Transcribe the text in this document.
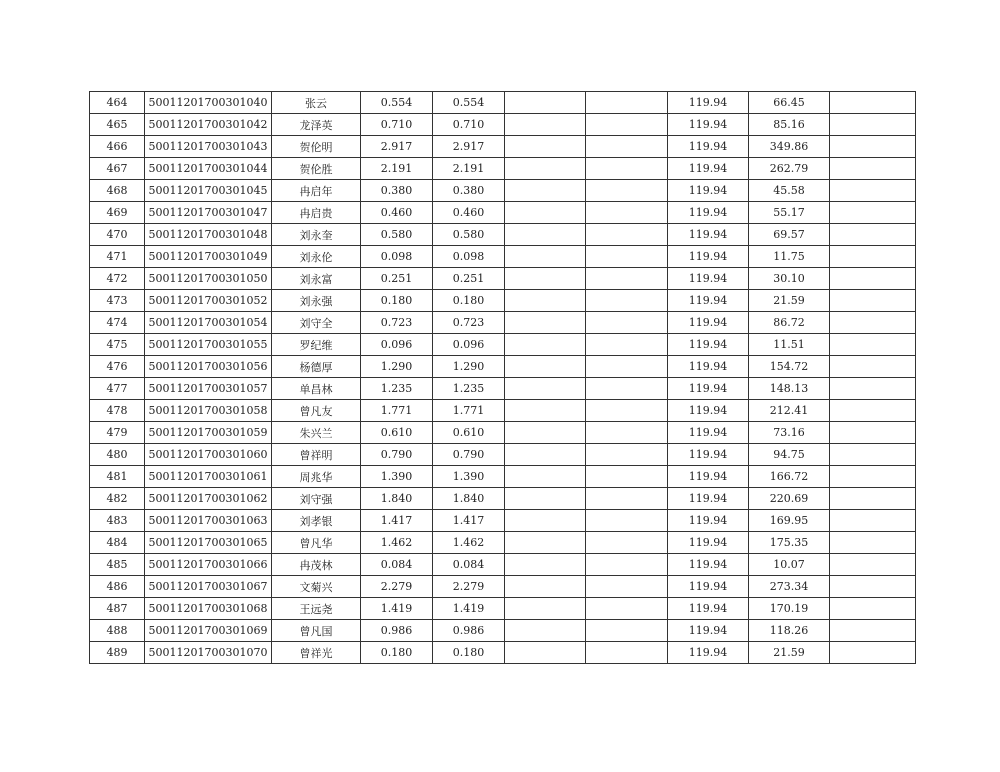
464	50011201700301040	张云	0.554	0.554			119.94	66.45	
465	50011201700301042	龙泽英	0.710	0.710			119.94	85.16	
466	50011201700301043	贺伦明	2.917	2.917			119.94	349.86	
467	50011201700301044	贺伦胜	2.191	2.191			119.94	262.79	
468	50011201700301045	冉启年	0.380	0.380			119.94	45.58	
469	50011201700301047	冉启贵	0.460	0.460			119.94	55.17	
470	50011201700301048	刘永奎	0.580	0.580			119.94	69.57	
471	50011201700301049	刘永伦	0.098	0.098			119.94	11.75	
472	50011201700301050	刘永富	0.251	0.251			119.94	30.10	
473	50011201700301052	刘永强	0.180	0.180			119.94	21.59	
474	50011201700301054	刘守全	0.723	0.723			119.94	86.72	
475	50011201700301055	罗纪维	0.096	0.096			119.94	11.51	
476	50011201700301056	杨德厚	1.290	1.290			119.94	154.72	
477	50011201700301057	单昌林	1.235	1.235			119.94	148.13	
478	50011201700301058	曾凡友	1.771	1.771			119.94	212.41	
479	50011201700301059	朱兴兰	0.610	0.610			119.94	73.16	
480	50011201700301060	曾祥明	0.790	0.790			119.94	94.75	
481	50011201700301061	周兆华	1.390	1.390			119.94	166.72	
482	50011201700301062	刘守强	1.840	1.840			119.94	220.69	
483	50011201700301063	刘孝银	1.417	1.417			119.94	169.95	
484	50011201700301065	曾凡华	1.462	1.462			119.94	175.35	
485	50011201700301066	冉茂林	0.084	0.084			119.94	10.07	
486	50011201700301067	文菊兴	2.279	2.279			119.94	273.34	
487	50011201700301068	王远尧	1.419	1.419			119.94	170.19	
488	50011201700301069	曾凡国	0.986	0.986			119.94	118.26	
489	50011201700301070	曾祥光	0.180	0.180			119.94	21.59	
